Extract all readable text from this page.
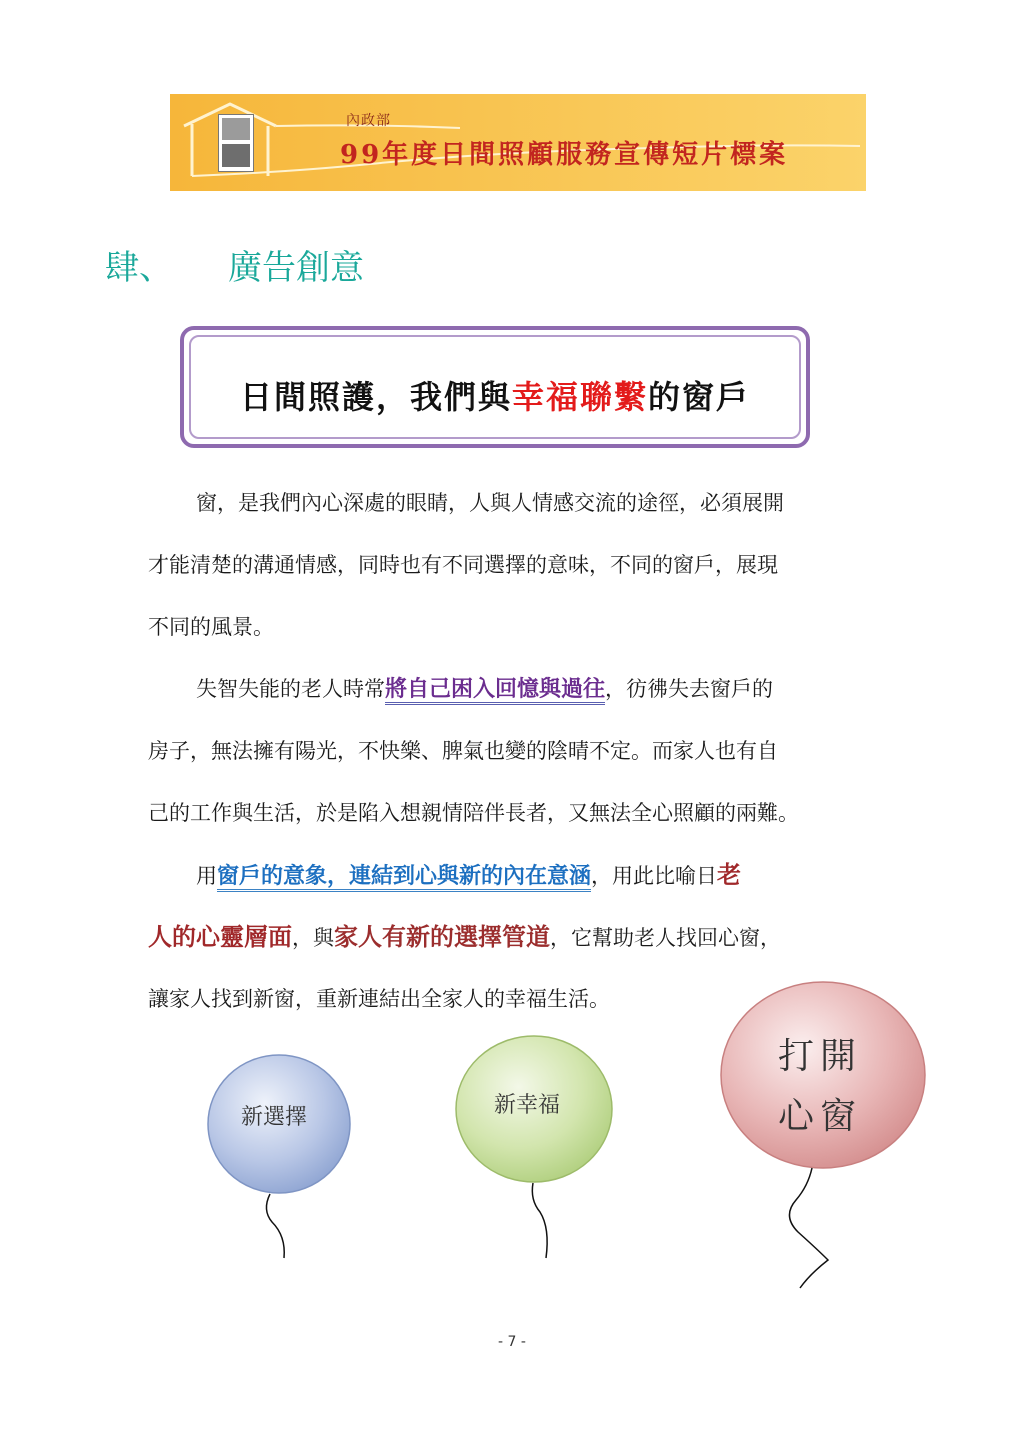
內政部
99年度日間照顧服務宣傳短片標案
肆、 廣告創意
日間照護，我們與幸福聯繫的窗戶
窗，是我們內心深處的眼睛，人與人情感交流的途徑，必須展開
才能清楚的溝通情感，同時也有不同選擇的意味，不同的窗戶，展現
不同的風景。
失智失能的老人時常將自己困入回憶與過往，彷彿失去窗戶的
房子，無法擁有陽光，不快樂、脾氣也變的陰晴不定。而家人也有自
己的工作與生活，於是陷入想親情陪伴長者，又無法全心照顧的兩難。
用窗戶的意象，連結到心與新的內在意涵，用此比喻日老
人的心靈層面，與家人有新的選擇管道，它幫助老人找回心窗，
讓家人找到新窗，重新連結出全家人的幸福生活。
新選擇	新幸福
打開
心窗
- 7 -
